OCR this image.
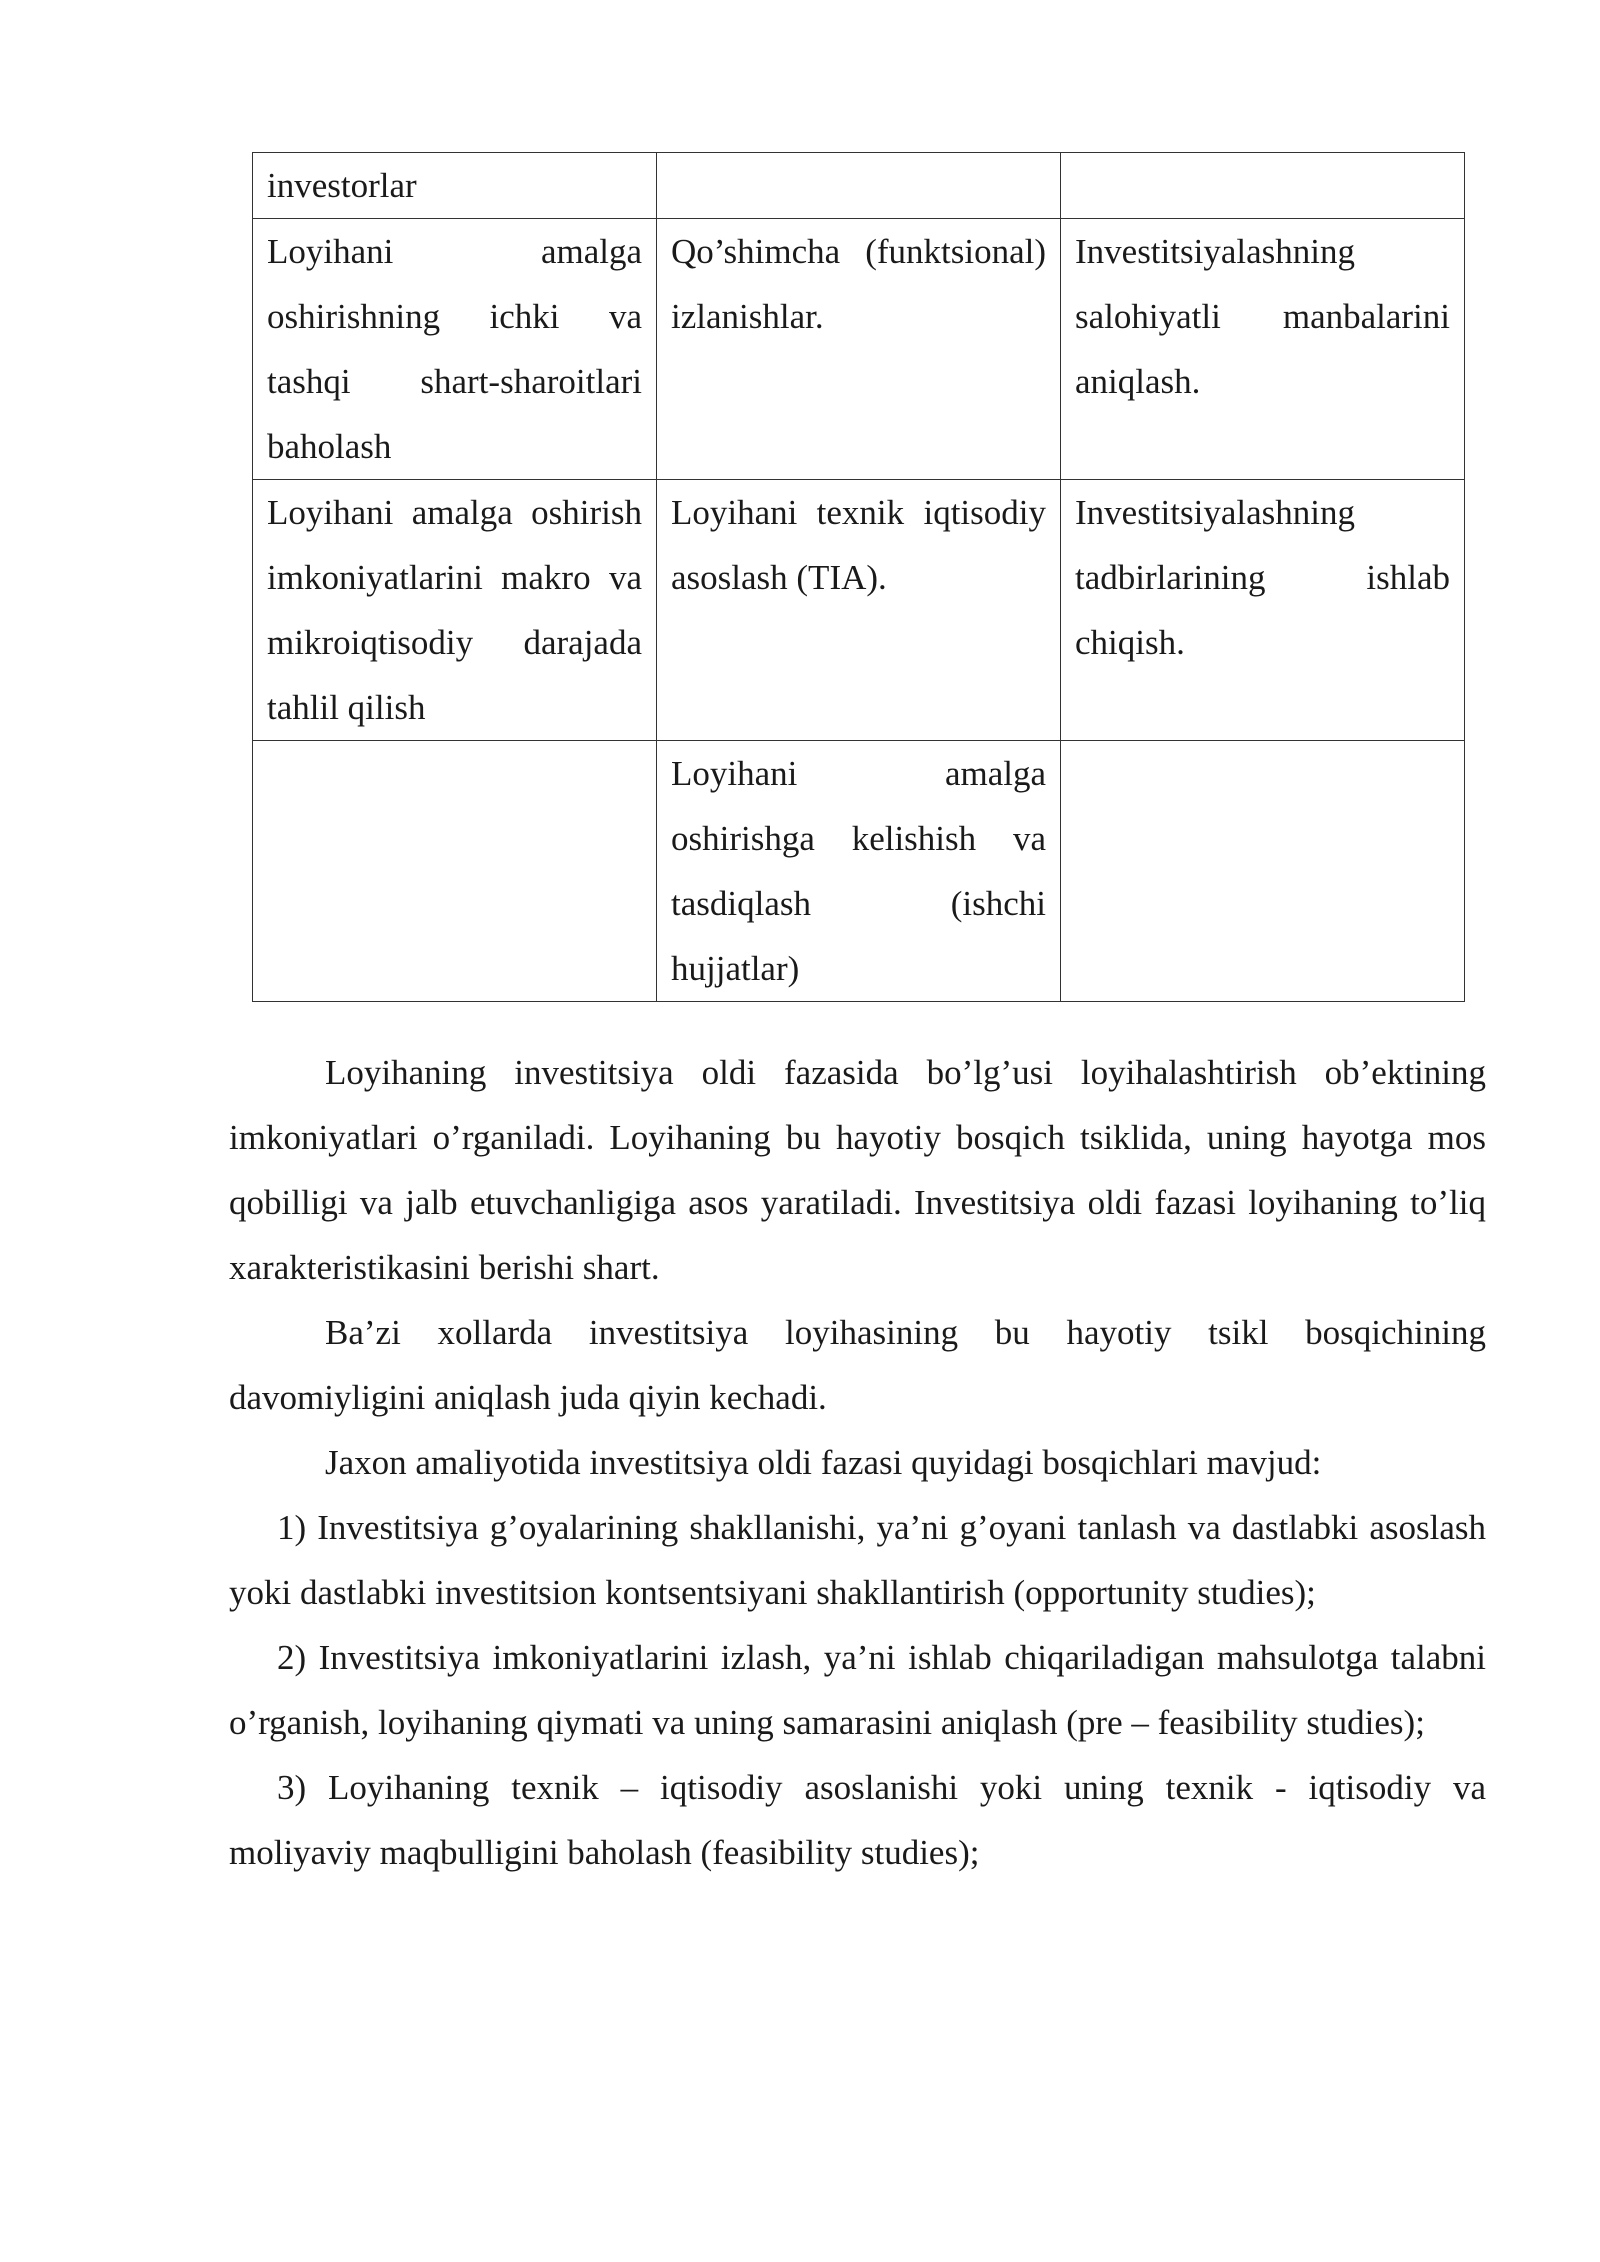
investorlar		
Loyihani amalga oshirishning ichki va tashqi shart-sharoitlari baholash	Qo’shimcha (funktsional) izlanishlar.	Investitsiyalashning salohiyatli manbalarini aniqlash.
Loyihani amalga oshirish imkoniyatlarini makro va mikroiqtisodiy darajada tahlil qilish	Loyihani texnik iqtisodiy asoslash (TIA).	Investitsiyalashning tadbirlarining ishlab chiqish.
	Loyihani amalga oshirishga kelishish va tasdiqlash (ishchi hujjatlar)	

Loyihaning investitsiya oldi fazasida bo’lg’usi loyihalashtirish ob’ektining imkoniyatlari o’rganiladi. Loyihaning bu hayotiy bosqich tsiklida, uning hayotga mos qobilligi va jalb etuvchanligiga asos yaratiladi. Investitsiya oldi fazasi loyihaning to’liq xarakteristikasini berishi shart.

Ba’zi xollarda investitsiya loyihasining bu hayotiy tsikl bosqichining davomiyligini aniqlash juda qiyin kechadi.

Jaxon amaliyotida investitsiya oldi fazasi quyidagi bosqichlari mavjud:

1) Investitsiya g’oyalarining shakllanishi, ya’ni g’oyani tanlash va dastlabki asoslash yoki dastlabki investitsion kontsentsiyani shakllantirish (opportunity studies);

2) Investitsiya imkoniyatlarini izlash, ya’ni ishlab chiqariladigan mahsulotga talabni o’rganish, loyihaning qiymati va uning samarasini aniqlash (pre – feasibility studies);

3) Loyihaning texnik – iqtisodiy asoslanishi yoki uning texnik - iqtisodiy va moliyaviy maqbulligini baholash (feasibility studies);
